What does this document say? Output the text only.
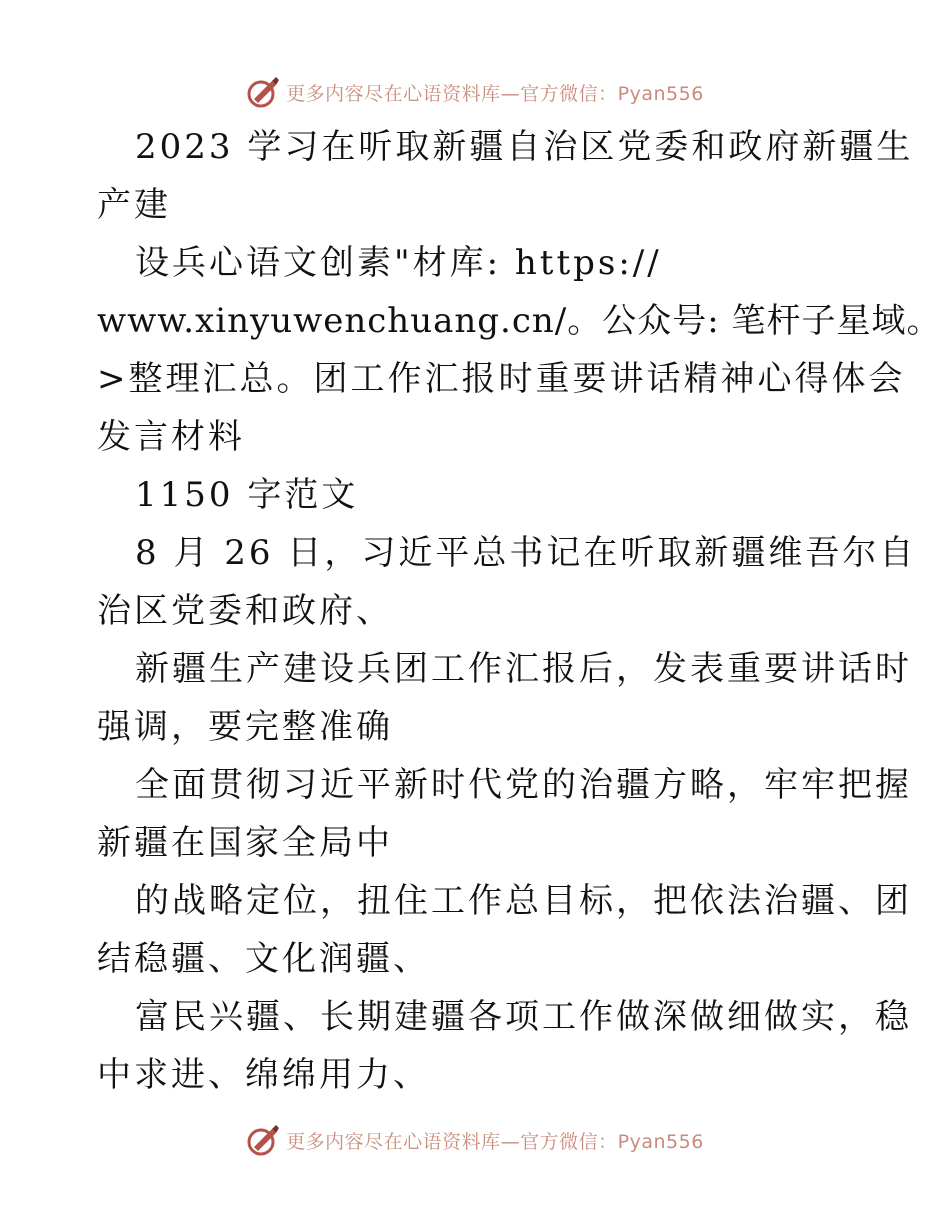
更多内容尽在心语资料库—官方微信：Pyan556
2023 学习在听取新疆自治区党委和政府新疆生
产建
设兵心语文创素"材库: https://
www.xinyuwenchuang.cn/。公众号: 笔杆子星域。
>整理汇总。团工作汇报时重要讲话精神心得体会
发言材料
1150 字范文
8 月 26 日，习近平总书记在听取新疆维吾尔自
治区党委和政府、
新疆生产建设兵团工作汇报后，发表重要讲话时
强调，要完整准确
全面贯彻习近平新时代党的治疆方略，牢牢把握
新疆在国家全局中
的战略定位，扭住工作总目标，把依法治疆、团
结稳疆、文化润疆、
富民兴疆、长期建疆各项工作做深做细做实，稳
中求进、绵绵用力、
更多内容尽在心语资料库—官方微信：Pyan556
